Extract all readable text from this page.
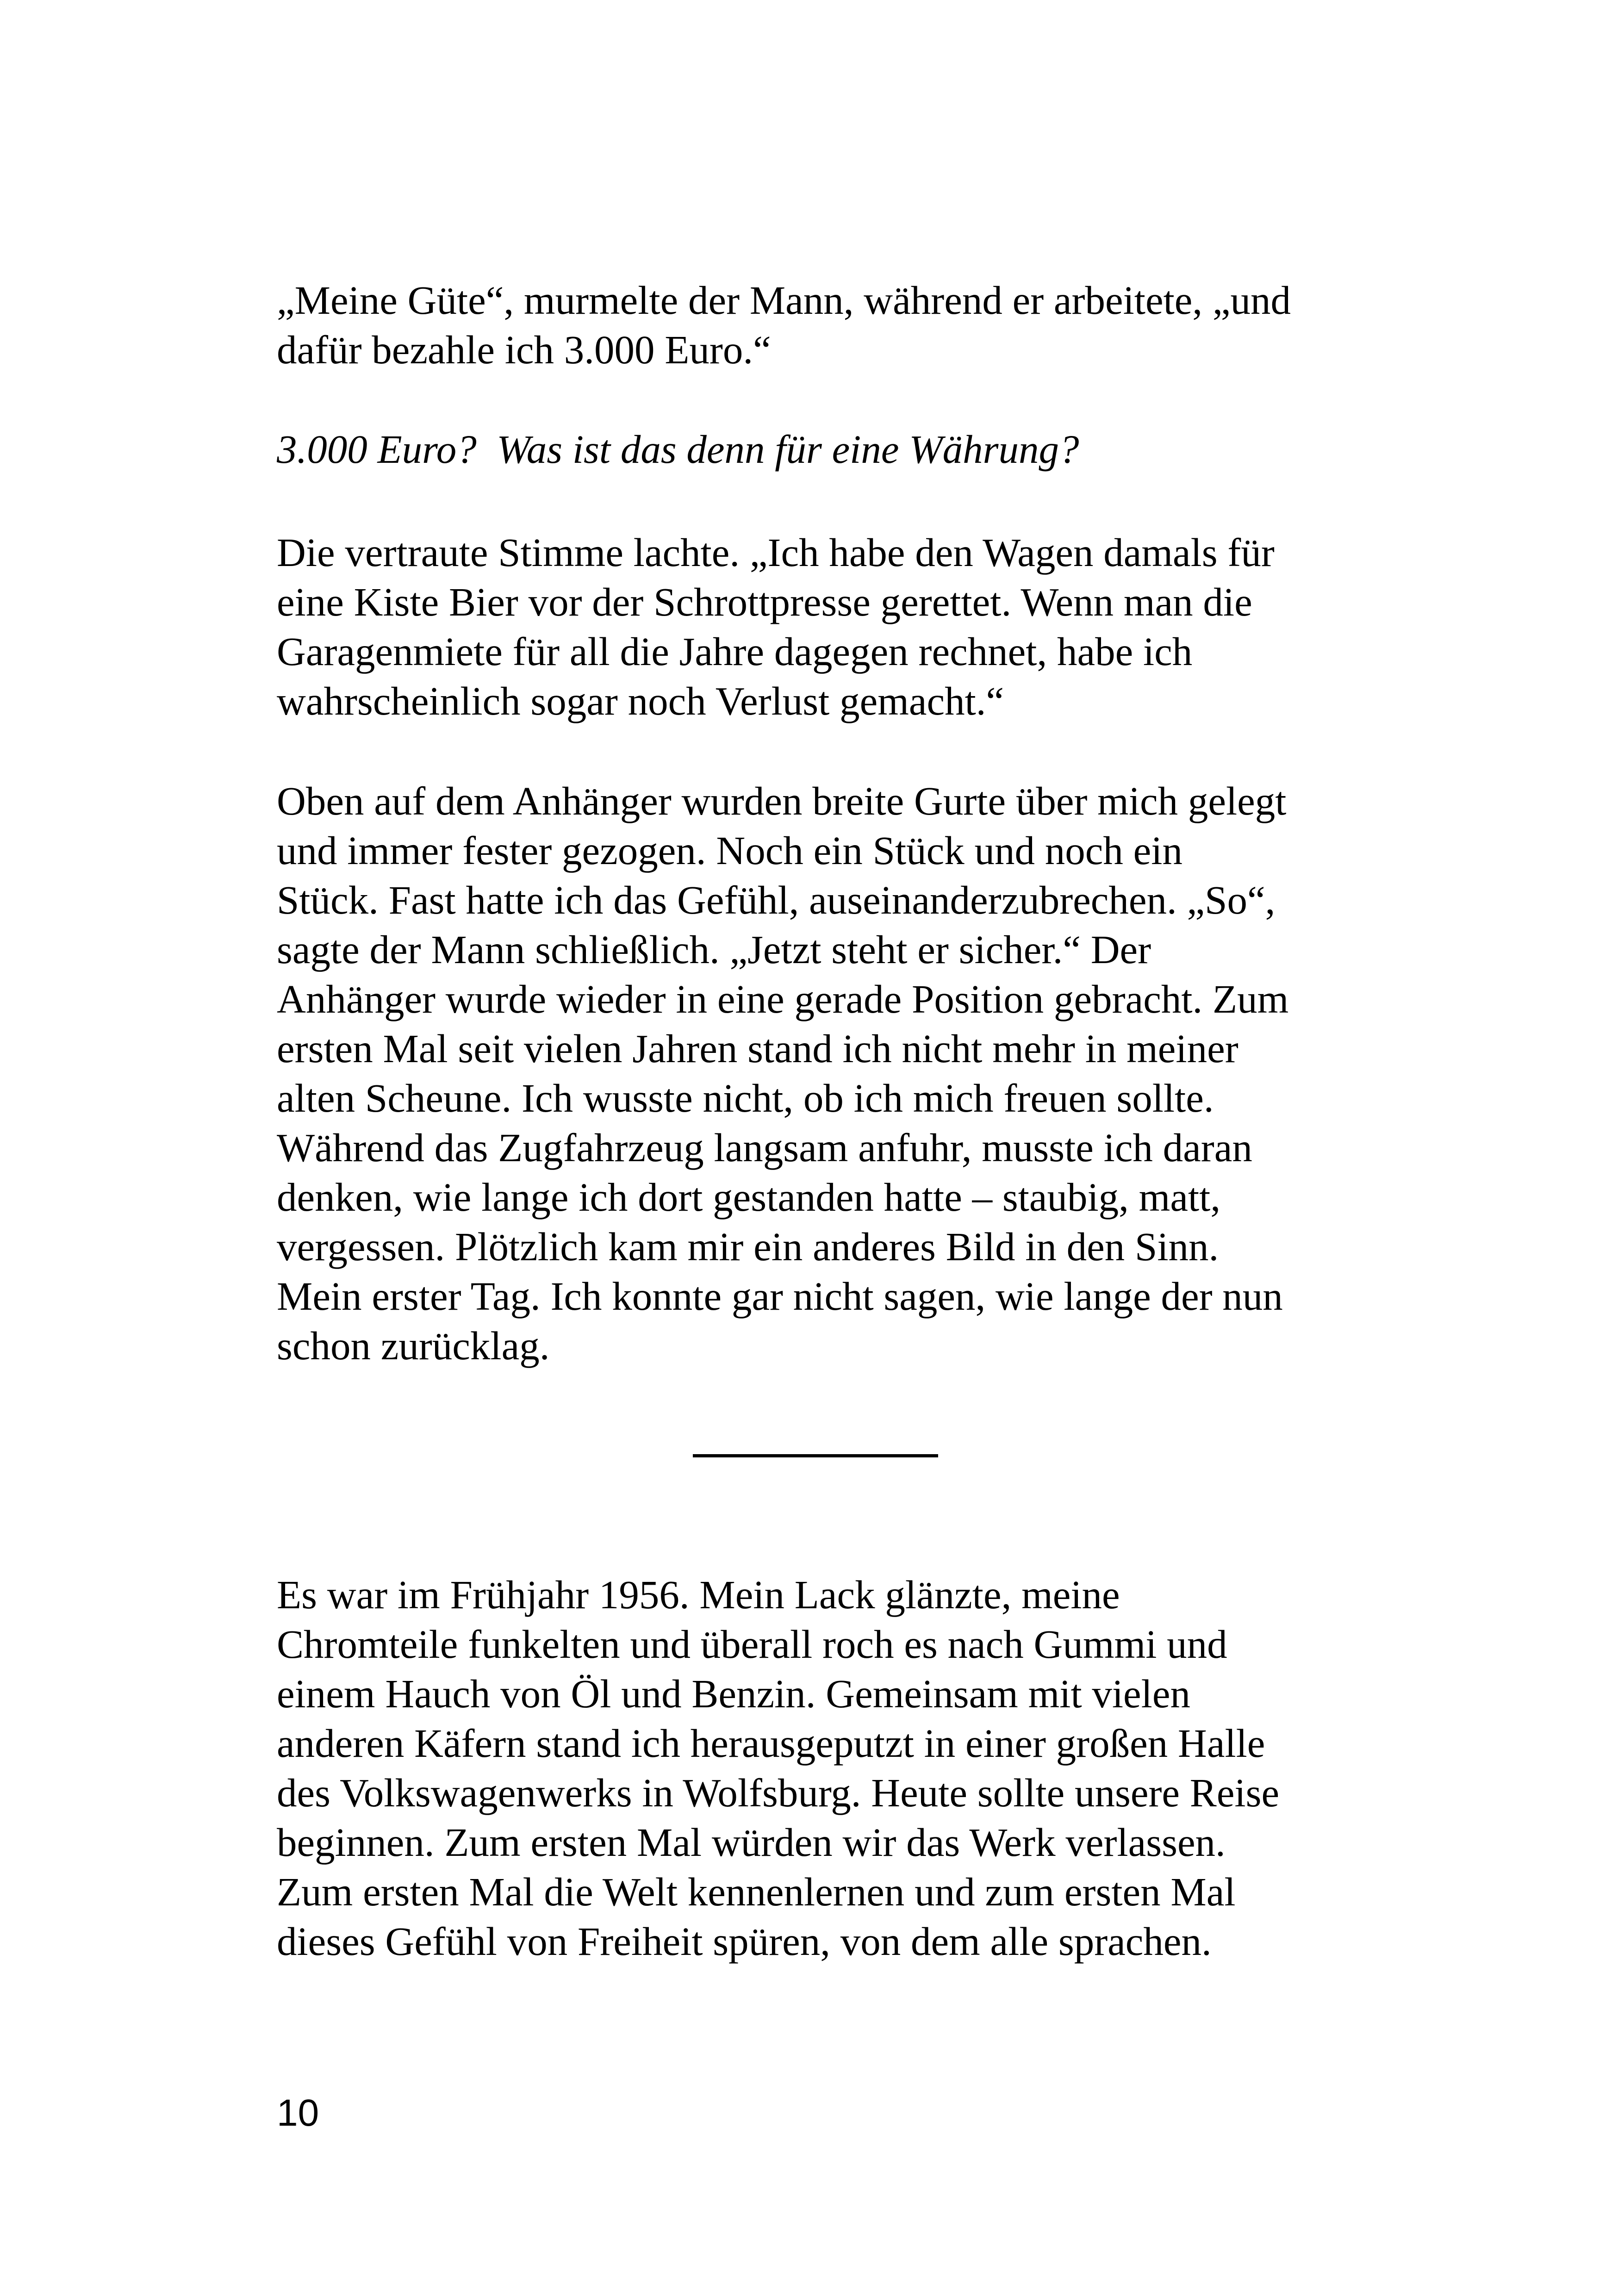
„Meine Güte“, murmelte der Mann, während er arbeitete, „und
dafür bezahle ich 3.000 Euro.“

3.000 Euro?  Was ist das denn für eine Währung?

Die vertraute Stimme lachte. „Ich habe den Wagen damals für
eine Kiste Bier vor der Schrottpresse gerettet. Wenn man die
Garagenmiete für all die Jahre dagegen rechnet, habe ich
wahrscheinlich sogar noch Verlust gemacht.“

Oben auf dem Anhänger wurden breite Gurte über mich gelegt
und immer fester gezogen. Noch ein Stück und noch ein
Stück. Fast hatte ich das Gefühl, auseinanderzubrechen. „So“,
sagte der Mann schließlich. „Jetzt steht er sicher.“ Der
Anhänger wurde wieder in eine gerade Position gebracht. Zum
ersten Mal seit vielen Jahren stand ich nicht mehr in meiner
alten Scheune. Ich wusste nicht, ob ich mich freuen sollte.
Während das Zugfahrzeug langsam anfuhr, musste ich daran
denken, wie lange ich dort gestanden hatte – staubig, matt,
vergessen. Plötzlich kam mir ein anderes Bild in den Sinn.
Mein erster Tag. Ich konnte gar nicht sagen, wie lange der nun
schon zurücklag.

Es war im Frühjahr 1956. Mein Lack glänzte, meine
Chromteile funkelten und überall roch es nach Gummi und
einem Hauch von Öl und Benzin. Gemeinsam mit vielen
anderen Käfern stand ich herausgeputzt in einer großen Halle
des Volkswagenwerks in Wolfsburg. Heute sollte unsere Reise
beginnen. Zum ersten Mal würden wir das Werk verlassen.
Zum ersten Mal die Welt kennenlernen und zum ersten Mal
dieses Gefühl von Freiheit spüren, von dem alle sprachen.

10
